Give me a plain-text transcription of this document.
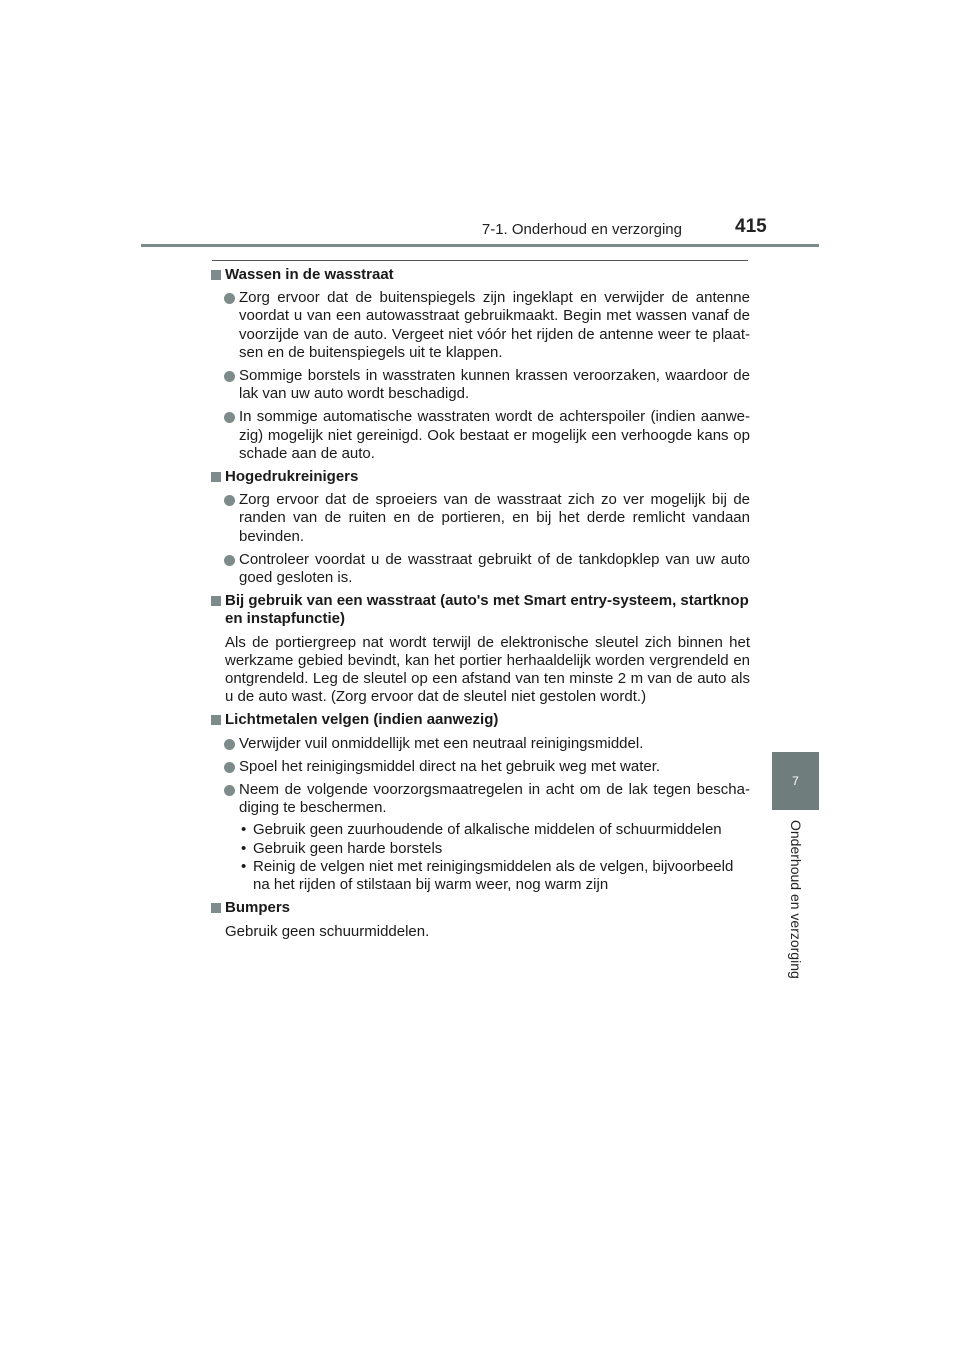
7-1. Onderhoud en verzorging	415
7
Onderhoud en verzorging
Wassen in de wasstraat
Zorg ervoor dat de buitenspiegels zijn ingeklapt en verwijder de antenne voordat u van een autowasstraat gebruikmaakt. Begin met wassen vanaf de voorzijde van de auto. Vergeet niet vóór het rijden de antenne weer te plaat-sen en de buitenspiegels uit te klappen.
Sommige borstels in wasstraten kunnen krassen veroorzaken, waardoor de lak van uw auto wordt beschadigd.
In sommige automatische wasstraten wordt de achterspoiler (indien aanwe-zig) mogelijk niet gereinigd. Ook bestaat er mogelijk een verhoogde kans op schade aan de auto.
Hogedrukreinigers
Zorg ervoor dat de sproeiers van de wasstraat zich zo ver mogelijk bij de randen van de ruiten en de portieren, en bij het derde remlicht vandaan bevinden.
Controleer voordat u de wasstraat gebruikt of de tankdopklep van uw auto goed gesloten is.
Bij gebruik van een wasstraat (auto's met Smart entry-systeem, startknop en instapfunctie)
Als de portiergreep nat wordt terwijl de elektronische sleutel zich binnen het werkzame gebied bevindt, kan het portier herhaaldelijk worden vergrendeld en ontgrendeld. Leg de sleutel op een afstand van ten minste 2 m van de auto als u de auto wast. (Zorg ervoor dat de sleutel niet gestolen wordt.)
Lichtmetalen velgen (indien aanwezig)
Verwijder vuil onmiddellijk met een neutraal reinigingsmiddel.
Spoel het reinigingsmiddel direct na het gebruik weg met water.
Neem de volgende voorzorgsmaatregelen in acht om de lak tegen bescha-diging te beschermen.
• Gebruik geen zuurhoudende of alkalische middelen of schuurmiddelen
• Gebruik geen harde borstels
• Reinig de velgen niet met reinigingsmiddelen als de velgen, bijvoorbeeld na het rijden of stilstaan bij warm weer, nog warm zijn
Bumpers
Gebruik geen schuurmiddelen.
